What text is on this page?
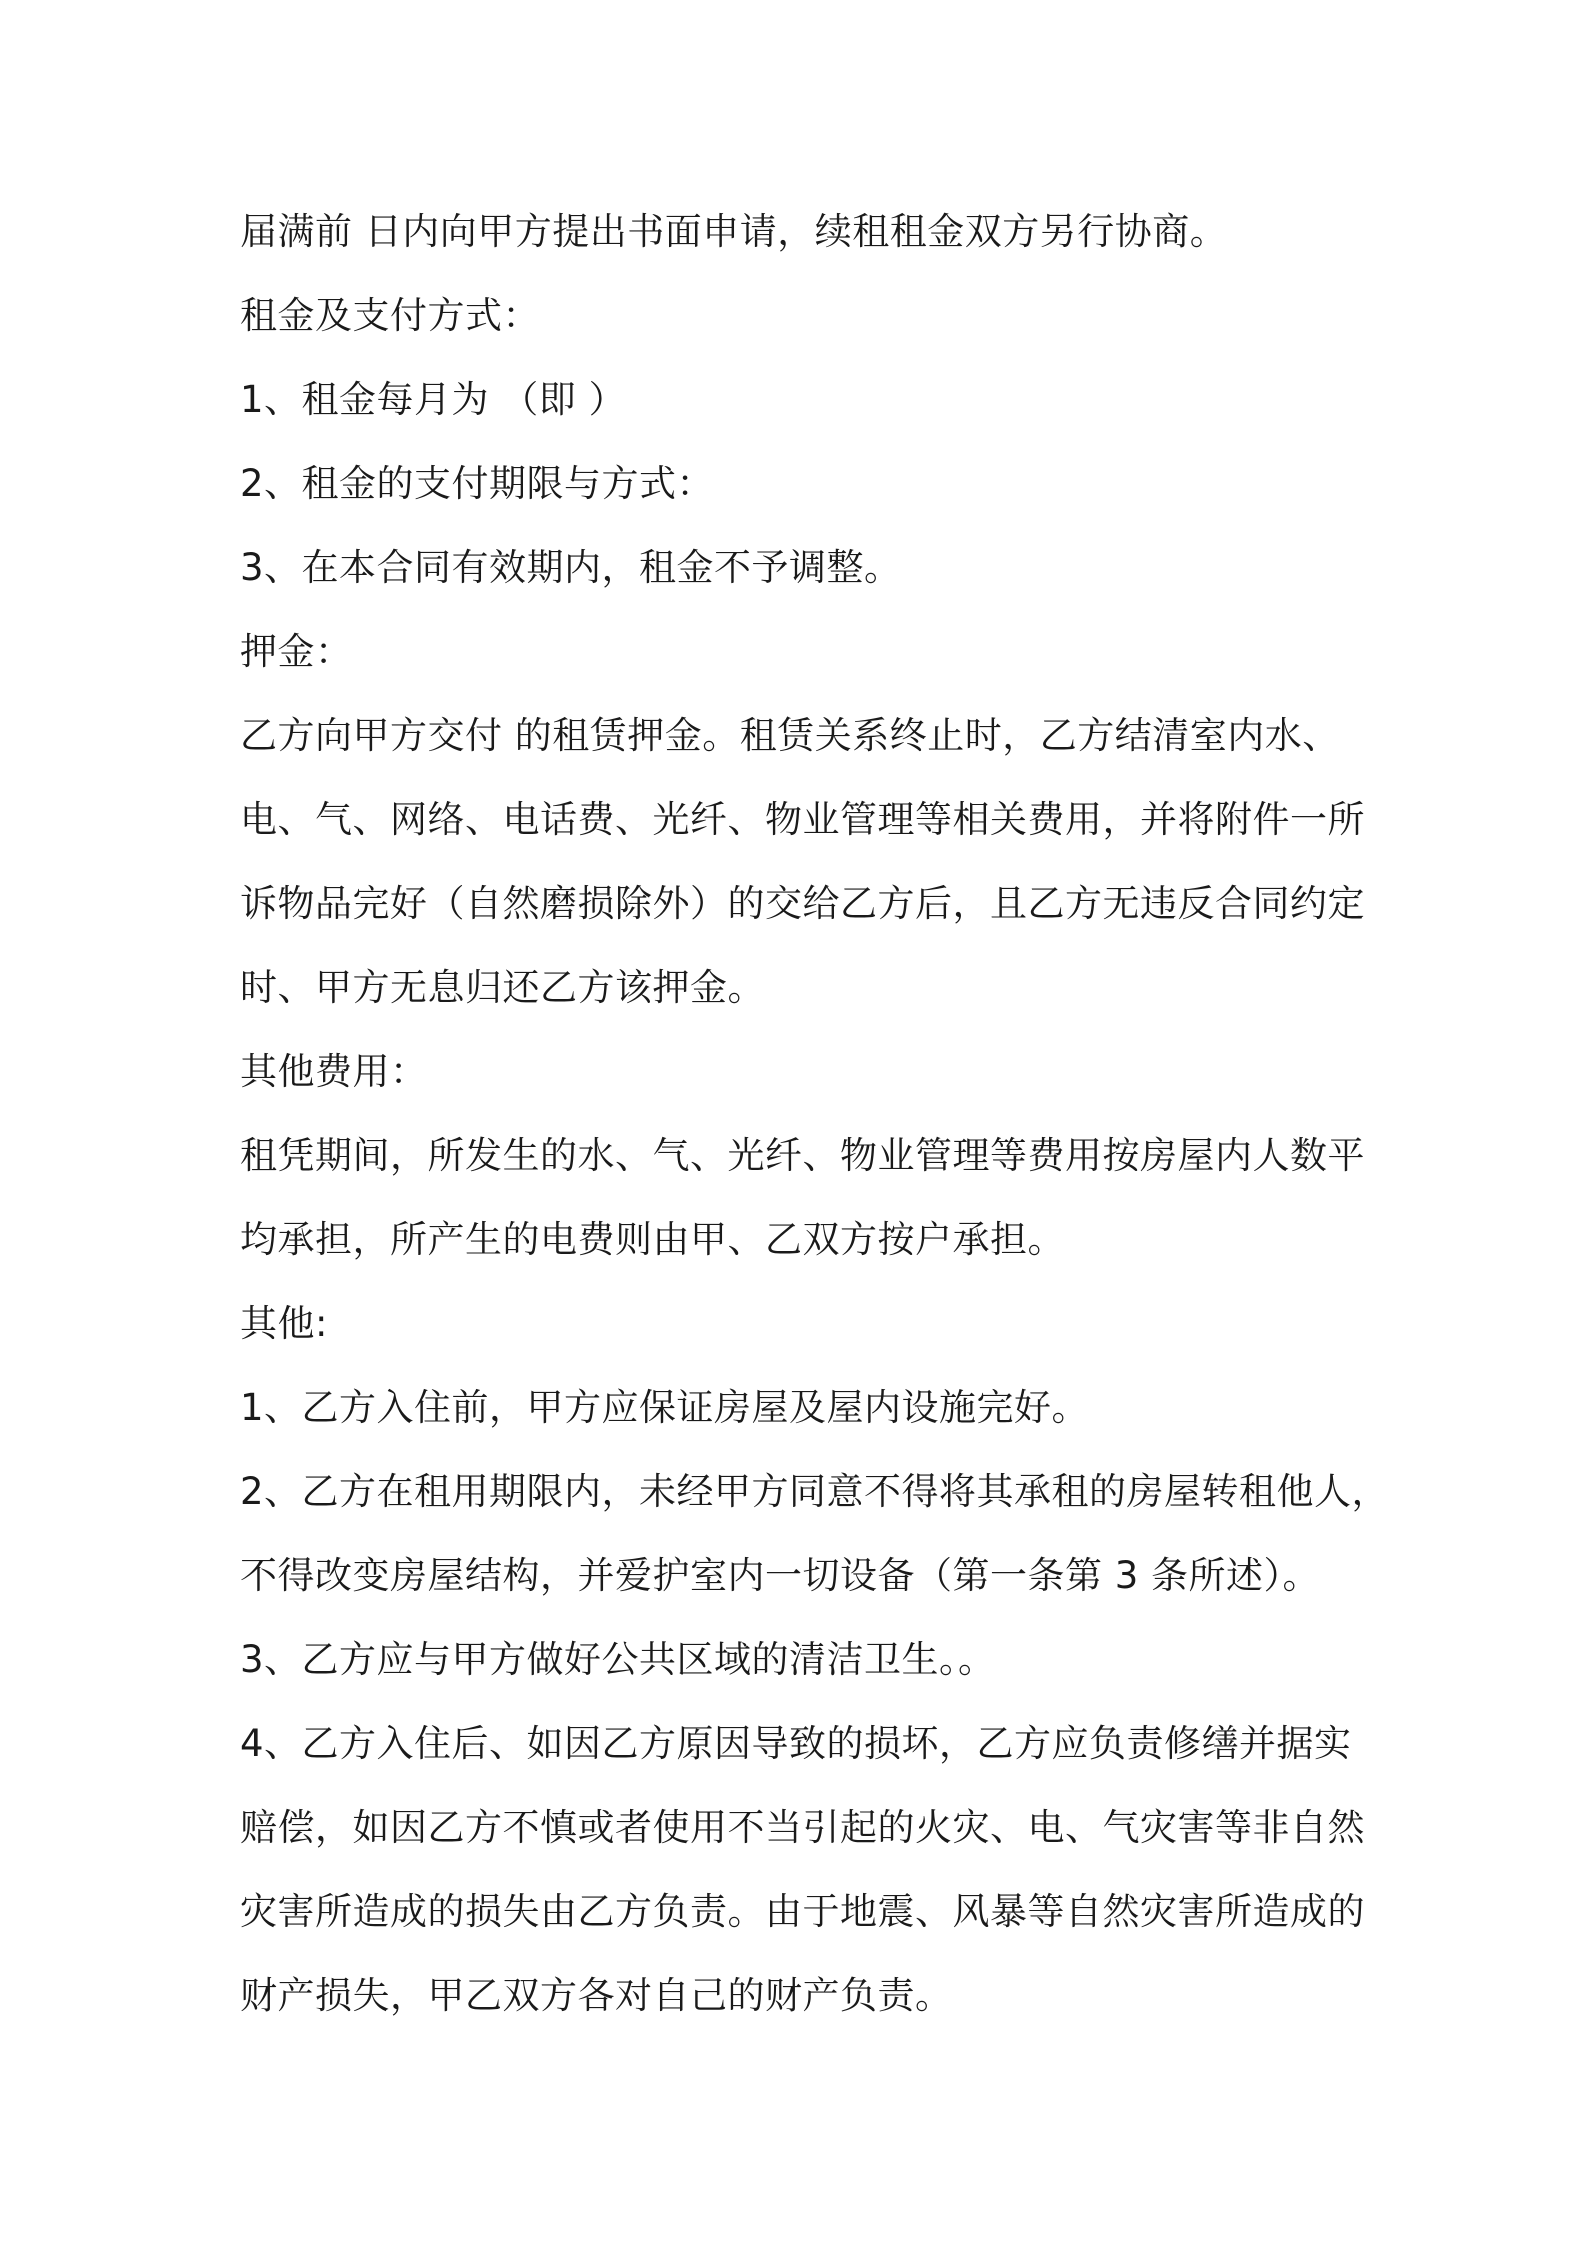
届满前 日内向甲方提出书面申请，续租租金双方另行协商。
租金及支付方式：
1、租金每月为 （即 ）
2、租金的支付期限与方式：
3、在本合同有效期内，租金不予调整。
押金：
乙方向甲方交付 的租赁押金。租赁关系终止时，乙方结清室内水、
电、气、网络、电话费、光纤、物业管理等相关费用，并将附件一所
诉物品完好（自然磨损除外）的交给乙方后，且乙方无违反合同约定
时、甲方无息归还乙方该押金。
其他费用：
租凭期间，所发生的水、气、光纤、物业管理等费用按房屋内人数平
均承担，所产生的电费则由甲、乙双方按户承担。
其他:
1、乙方入住前，甲方应保证房屋及屋内设施完好。
2、乙方在租用期限内，未经甲方同意不得将其承租的房屋转租他人，
不得改变房屋结构，并爱护室内一切设备（第一条第 3 条所述）。
3、乙方应与甲方做好公共区域的清洁卫生。。
4、乙方入住后、如因乙方原因导致的损坏，乙方应负责修缮并据实
赔偿，如因乙方不慎或者使用不当引起的火灾、电、气灾害等非自然
灾害所造成的损失由乙方负责。由于地震、风暴等自然灾害所造成的
财产损失，甲乙双方各对自己的财产负责。
